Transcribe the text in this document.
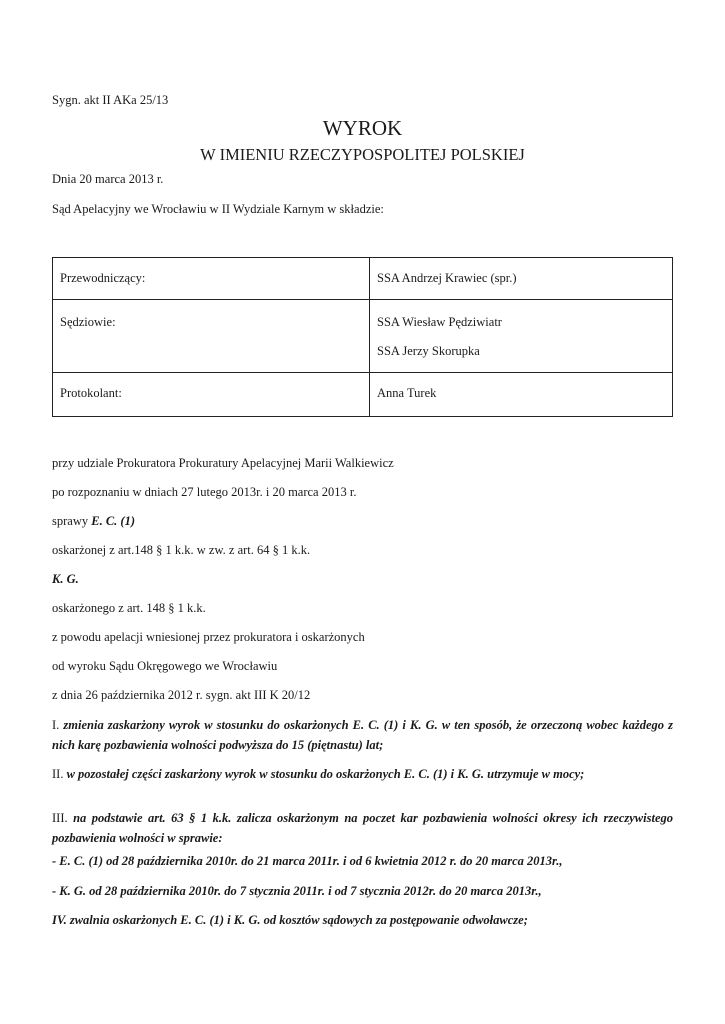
Sygn. akt II AKa 25/13
WYROK
W IMIENIU RZECZYPOSPOLITEJ POLSKIEJ
Dnia 20 marca 2013 r.
Sąd Apelacyjny we Wrocławiu w II Wydziale Karnym w składzie:
Przewodniczący:	SSA Andrzej Krawiec (spr.)

Sędziowie:	SSA Wiesław Pędziwiatr
SSA Jerzy Skorupka

Protokolant:	Anna Turek
przy udziale Prokuratora Prokuratury Apelacyjnej Marii Walkiewicz
po rozpoznaniu w dniach 27 lutego 2013r. i 20 marca 2013 r.
sprawy E. C. (1)
oskarżonej z art.148 § 1 k.k. w zw. z art. 64 § 1 k.k.
K. G.
oskarżonego z art. 148 § 1 k.k.
z powodu apelacji wniesionej przez prokuratora i oskarżonych
od wyroku Sądu Okręgowego we Wrocławiu
z dnia 26 października 2012 r. sygn. akt III K 20/12
I. zmienia zaskarżony wyrok w stosunku do oskarżonych E. C. (1) i K. G. w ten sposób, że orzeczoną wobec każdego z nich karę pozbawienia wolności podwyższa do 15 (piętnastu) lat;
II. w pozostałej części zaskarżony wyrok w stosunku do oskarżonych E. C. (1) i K. G. utrzymuje w mocy;
III. na podstawie art. 63 § 1 k.k. zalicza oskarżonym na poczet kar pozbawienia wolności okresy ich rzeczywistego pozbawienia wolności w sprawie:
- E. C. (1) od 28 października 2010r. do 21 marca 2011r. i od 6 kwietnia 2012 r. do 20 marca 2013r.,
- K. G. od 28 października 2010r. do 7 stycznia 2011r. i od 7 stycznia 2012r. do 20 marca 2013r.,
IV. zwalnia oskarżonych E. C. (1) i K. G. od kosztów sądowych za postępowanie odwoławcze;
